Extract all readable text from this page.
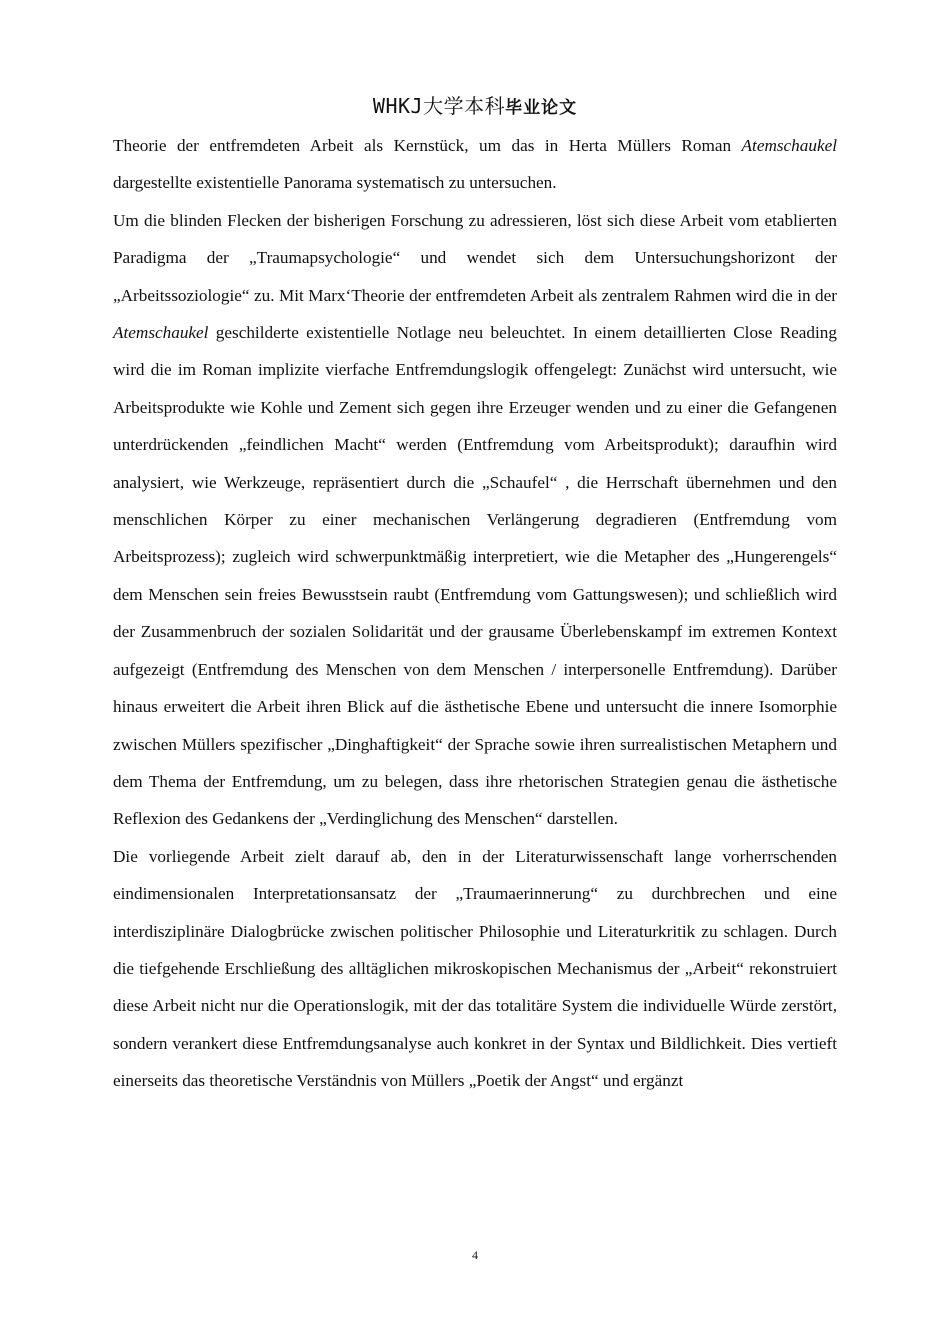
WHKJ大学本科毕业论文

Theorie der entfremdeten Arbeit als Kernstück, um das in Herta Müllers Roman Atemschaukel dargestellte existentielle Panorama systematisch zu untersuchen.

Um die blinden Flecken der bisherigen Forschung zu adressieren, löst sich diese Arbeit vom etablierten Paradigma der „Traumapsychologie“ und wendet sich dem Untersuchungshorizont der „Arbeitssoziologie“ zu. Mit Marx‘Theorie der entfremdeten Arbeit als zentralem Rahmen wird die in der Atemschaukel geschilderte existentielle Notlage neu beleuchtet. In einem detaillierten Close Reading wird die im Roman implizite vierfache Entfremdungslogik offengelegt: Zunächst wird untersucht, wie Arbeitsprodukte wie Kohle und Zement sich gegen ihre Erzeuger wenden und zu einer die Gefangenen unterdrückenden „feindlichen Macht“ werden (Entfremdung vom Arbeitsprodukt); daraufhin wird analysiert, wie Werkzeuge, repräsentiert durch die „Schaufel“ , die Herrschaft übernehmen und den menschlichen Körper zu einer mechanischen Verlängerung degradieren (Entfremdung vom Arbeitsprozess); zugleich wird schwerpunktmäßig interpretiert, wie die Metapher des „Hungerengels“ dem Menschen sein freies Bewusstsein raubt (Entfremdung vom Gattungswesen); und schließlich wird der Zusammenbruch der sozialen Solidarität und der grausame Überlebenskampf im extremen Kontext aufgezeigt (Entfremdung des Menschen von dem Menschen / interpersonelle Entfremdung). Darüber hinaus erweitert die Arbeit ihren Blick auf die ästhetische Ebene und untersucht die innere Isomorphie zwischen Müllers spezifischer „Dinghaftigkeit“ der Sprache sowie ihren surrealistischen Metaphern und dem Thema der Entfremdung, um zu belegen, dass ihre rhetorischen Strategien genau die ästhetische Reflexion des Gedankens der „Verdinglichung des Menschen“ darstellen.

Die vorliegende Arbeit zielt darauf ab, den in der Literaturwissenschaft lange vorherrschenden eindimensionalen Interpretationsansatz der „Traumaerinnerung“ zu durchbrechen und eine interdisziplinäre Dialogbrücke zwischen politischer Philosophie und Literaturkritik zu schlagen. Durch die tiefgehende Erschließung des alltäglichen mikroskopischen Mechanismus der „Arbeit“ rekonstruiert diese Arbeit nicht nur die Operationslogik, mit der das totalitäre System die individuelle Würde zerstört, sondern verankert diese Entfremdungsanalyse auch konkret in der Syntax und Bildlichkeit. Dies vertieft einerseits das theoretische Verständnis von Müllers „Poetik der Angst“ und ergänzt

4
